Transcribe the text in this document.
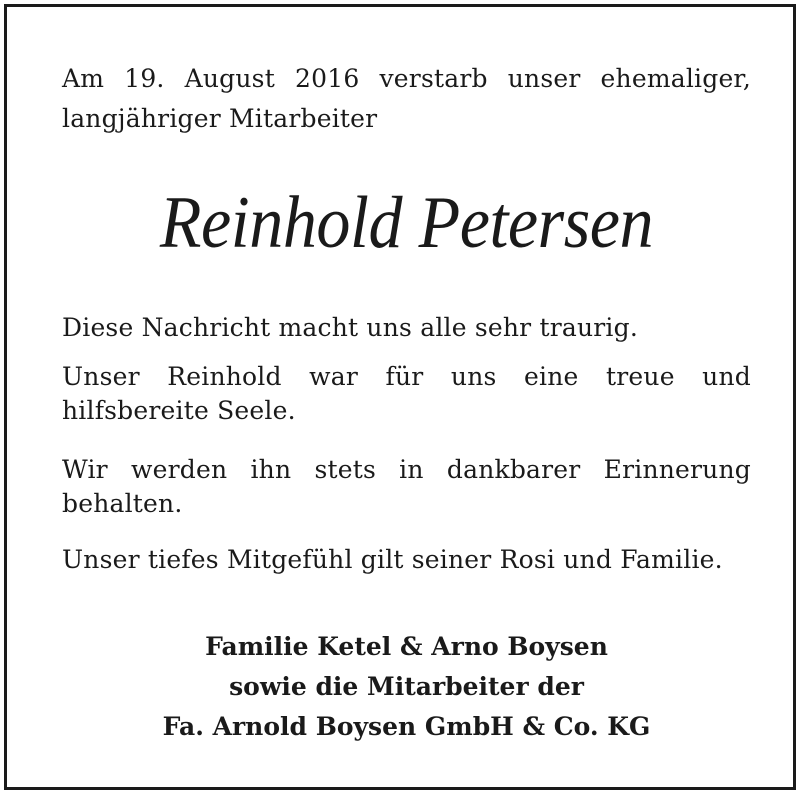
Am 19. August 2016 verstarb unser ehemaliger,
langjähriger Mitarbeiter
Reinhold Petersen
Diese Nachricht macht uns alle sehr traurig.
Unser Reinhold war für uns eine treue und
hilfsbereite Seele.
Wir werden ihn stets in dankbarer Erinnerung
behalten.
Unser tiefes Mitgefühl gilt seiner Rosi und Familie.
Familie Ketel & Arno Boysen
sowie die Mitarbeiter der
Fa. Arnold Boysen GmbH & Co. KG
